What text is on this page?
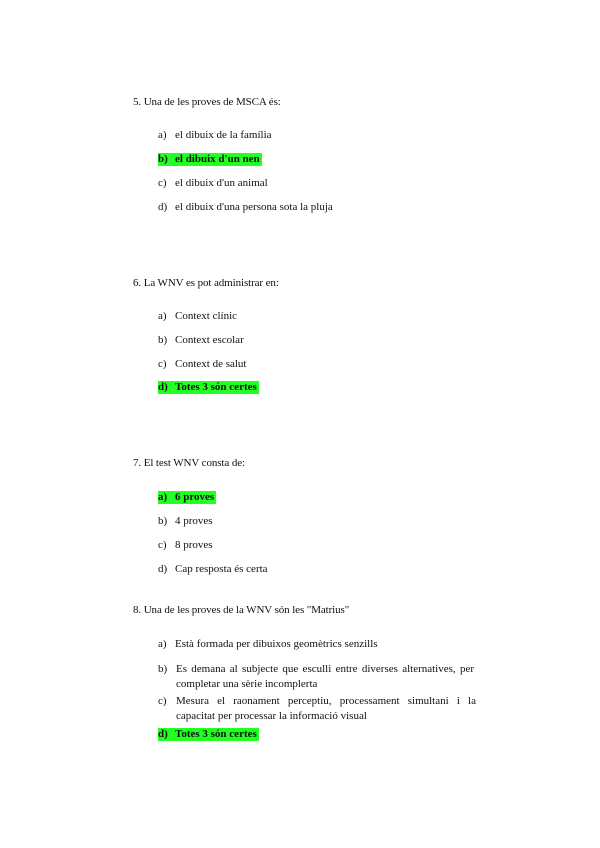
5. Una de les proves de MSCA és:
a) el dibuix de la família
b) el dibuix d'un nen
c) el dibuix d'un animal
d) el dibuix d'una persona sota la pluja
6. La WNV es pot administrar en:
a) Context clínic
b) Context escolar
c) Context de salut
d) Totes 3 són certes
7. El test WNV consta de:
a) 6 proves
b) 4 proves
c) 8 proves
d) Cap resposta és certa
8. Una de les proves de la WNV són les "Matrius"
a) Està formada per dibuixos geomètrics senzills
b) Es demana al subjecte que esculli entre diverses alternatives, per completar una sèrie incomplerta
c) Mesura el raonament perceptiu, processament simultani i la capacitat per processar la informació visual
d) Totes 3 són certes
